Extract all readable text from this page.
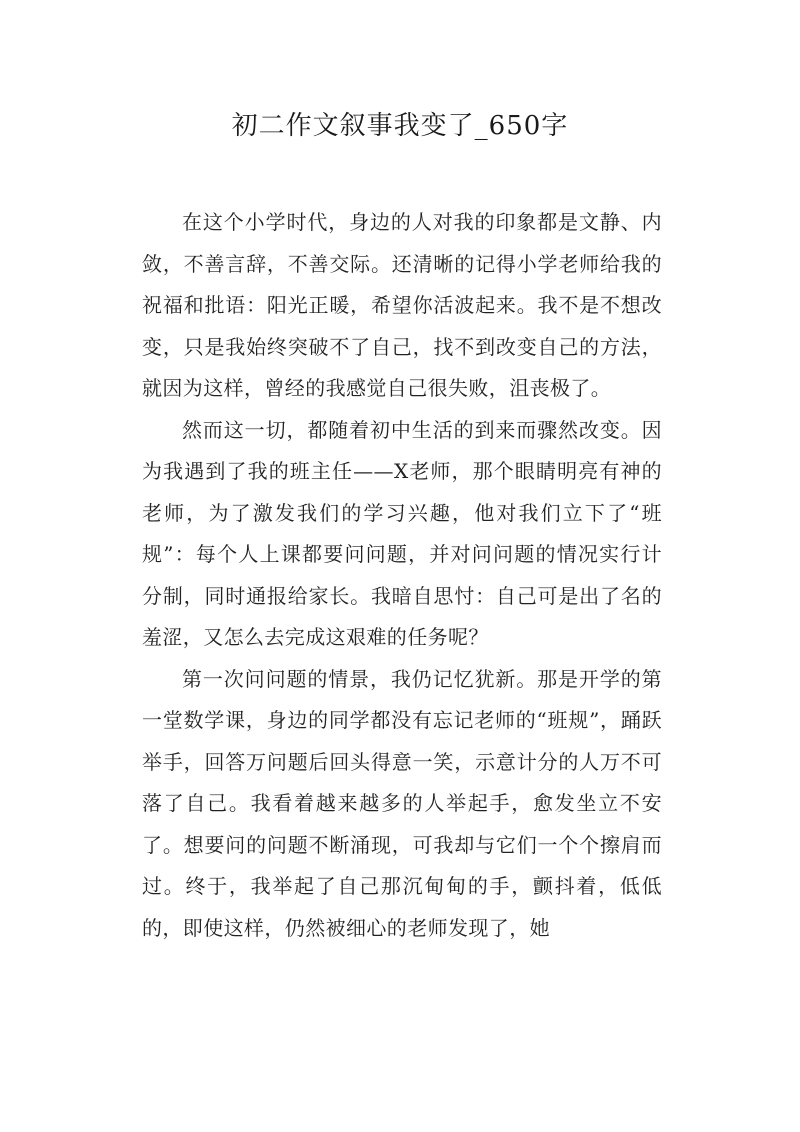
初二作文叙事我变了_650字

在这个小学时代，身边的人对我的印象都是文静、内敛，不善言辞，不善交际。还清晰的记得小学老师给我的祝福和批语：阳光正暖，希望你活波起来。我不是不想改变，只是我始终突破不了自己，找不到改变自己的方法，就因为这样，曾经的我感觉自己很失败，沮丧极了。

然而这一切，都随着初中生活的到来而骤然改变。因为我遇到了我的班主任——X老师，那个眼睛明亮有神的老师，为了激发我们的学习兴趣，他对我们立下了“班规”：每个人上课都要问问题，并对问问题的情况实行计分制，同时通报给家长。我暗自思忖：自己可是出了名的羞涩，又怎么去完成这艰难的任务呢？

第一次问问题的情景，我仍记忆犹新。那是开学的第一堂数学课，身边的同学都没有忘记老师的“班规”，踊跃举手，回答万问题后回头得意一笑，示意计分的人万不可落了自己。我看着越来越多的人举起手，愈发坐立不安了。想要问的问题不断涌现，可我却与它们一个个擦肩而过。终于，我举起了自己那沉甸甸的手，颤抖着，低低的，即使这样，仍然被细心的老师发现了，她
